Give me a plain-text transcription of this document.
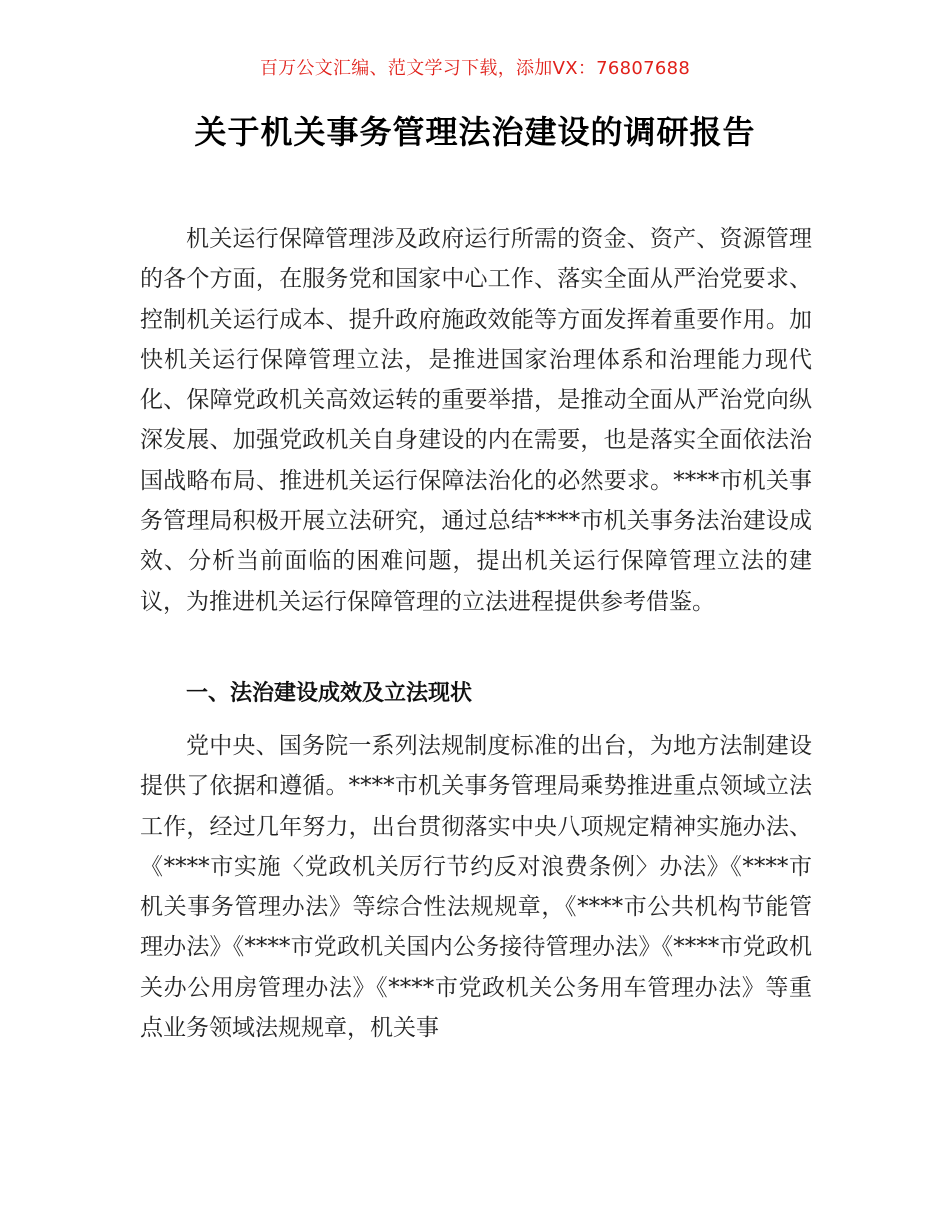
百万公文汇编、范文学习下载，添加VX：76807688
关于机关事务管理法治建设的调研报告

机关运行保障管理涉及政府运行所需的资金、资产、资源管理的各个方面，在服务党和国家中心工作、落实全面从严治党要求、控制机关运行成本、提升政府施政效能等方面发挥着重要作用。加快机关运行保障管理立法，是推进国家治理体系和治理能力现代化、保障党政机关高效运转的重要举措，是推动全面从严治党向纵深发展、加强党政机关自身建设的内在需要，也是落实全面依法治国战略布局、推进机关运行保障法治化的必然要求。****市机关事务管理局积极开展立法研究，通过总结****市机关事务法治建设成效、分析当前面临的困难问题，提出机关运行保障管理立法的建议，为推进机关运行保障管理的立法进程提供参考借鉴。

一、法治建设成效及立法现状

党中央、国务院一系列法规制度标准的出台，为地方法制建设提供了依据和遵循。****市机关事务管理局乘势推进重点领域立法工作，经过几年努力，出台贯彻落实中央八项规定精神实施办法、《****市实施〈党政机关厉行节约反对浪费条例〉办法》《****市机关事务管理办法》等综合性法规规章，《****市公共机构节能管理办法》《****市党政机关国内公务接待管理办法》《****市党政机关办公用房管理办法》《****市党政机关公务用车管理办法》等重点业务领域法规规章，机关事
